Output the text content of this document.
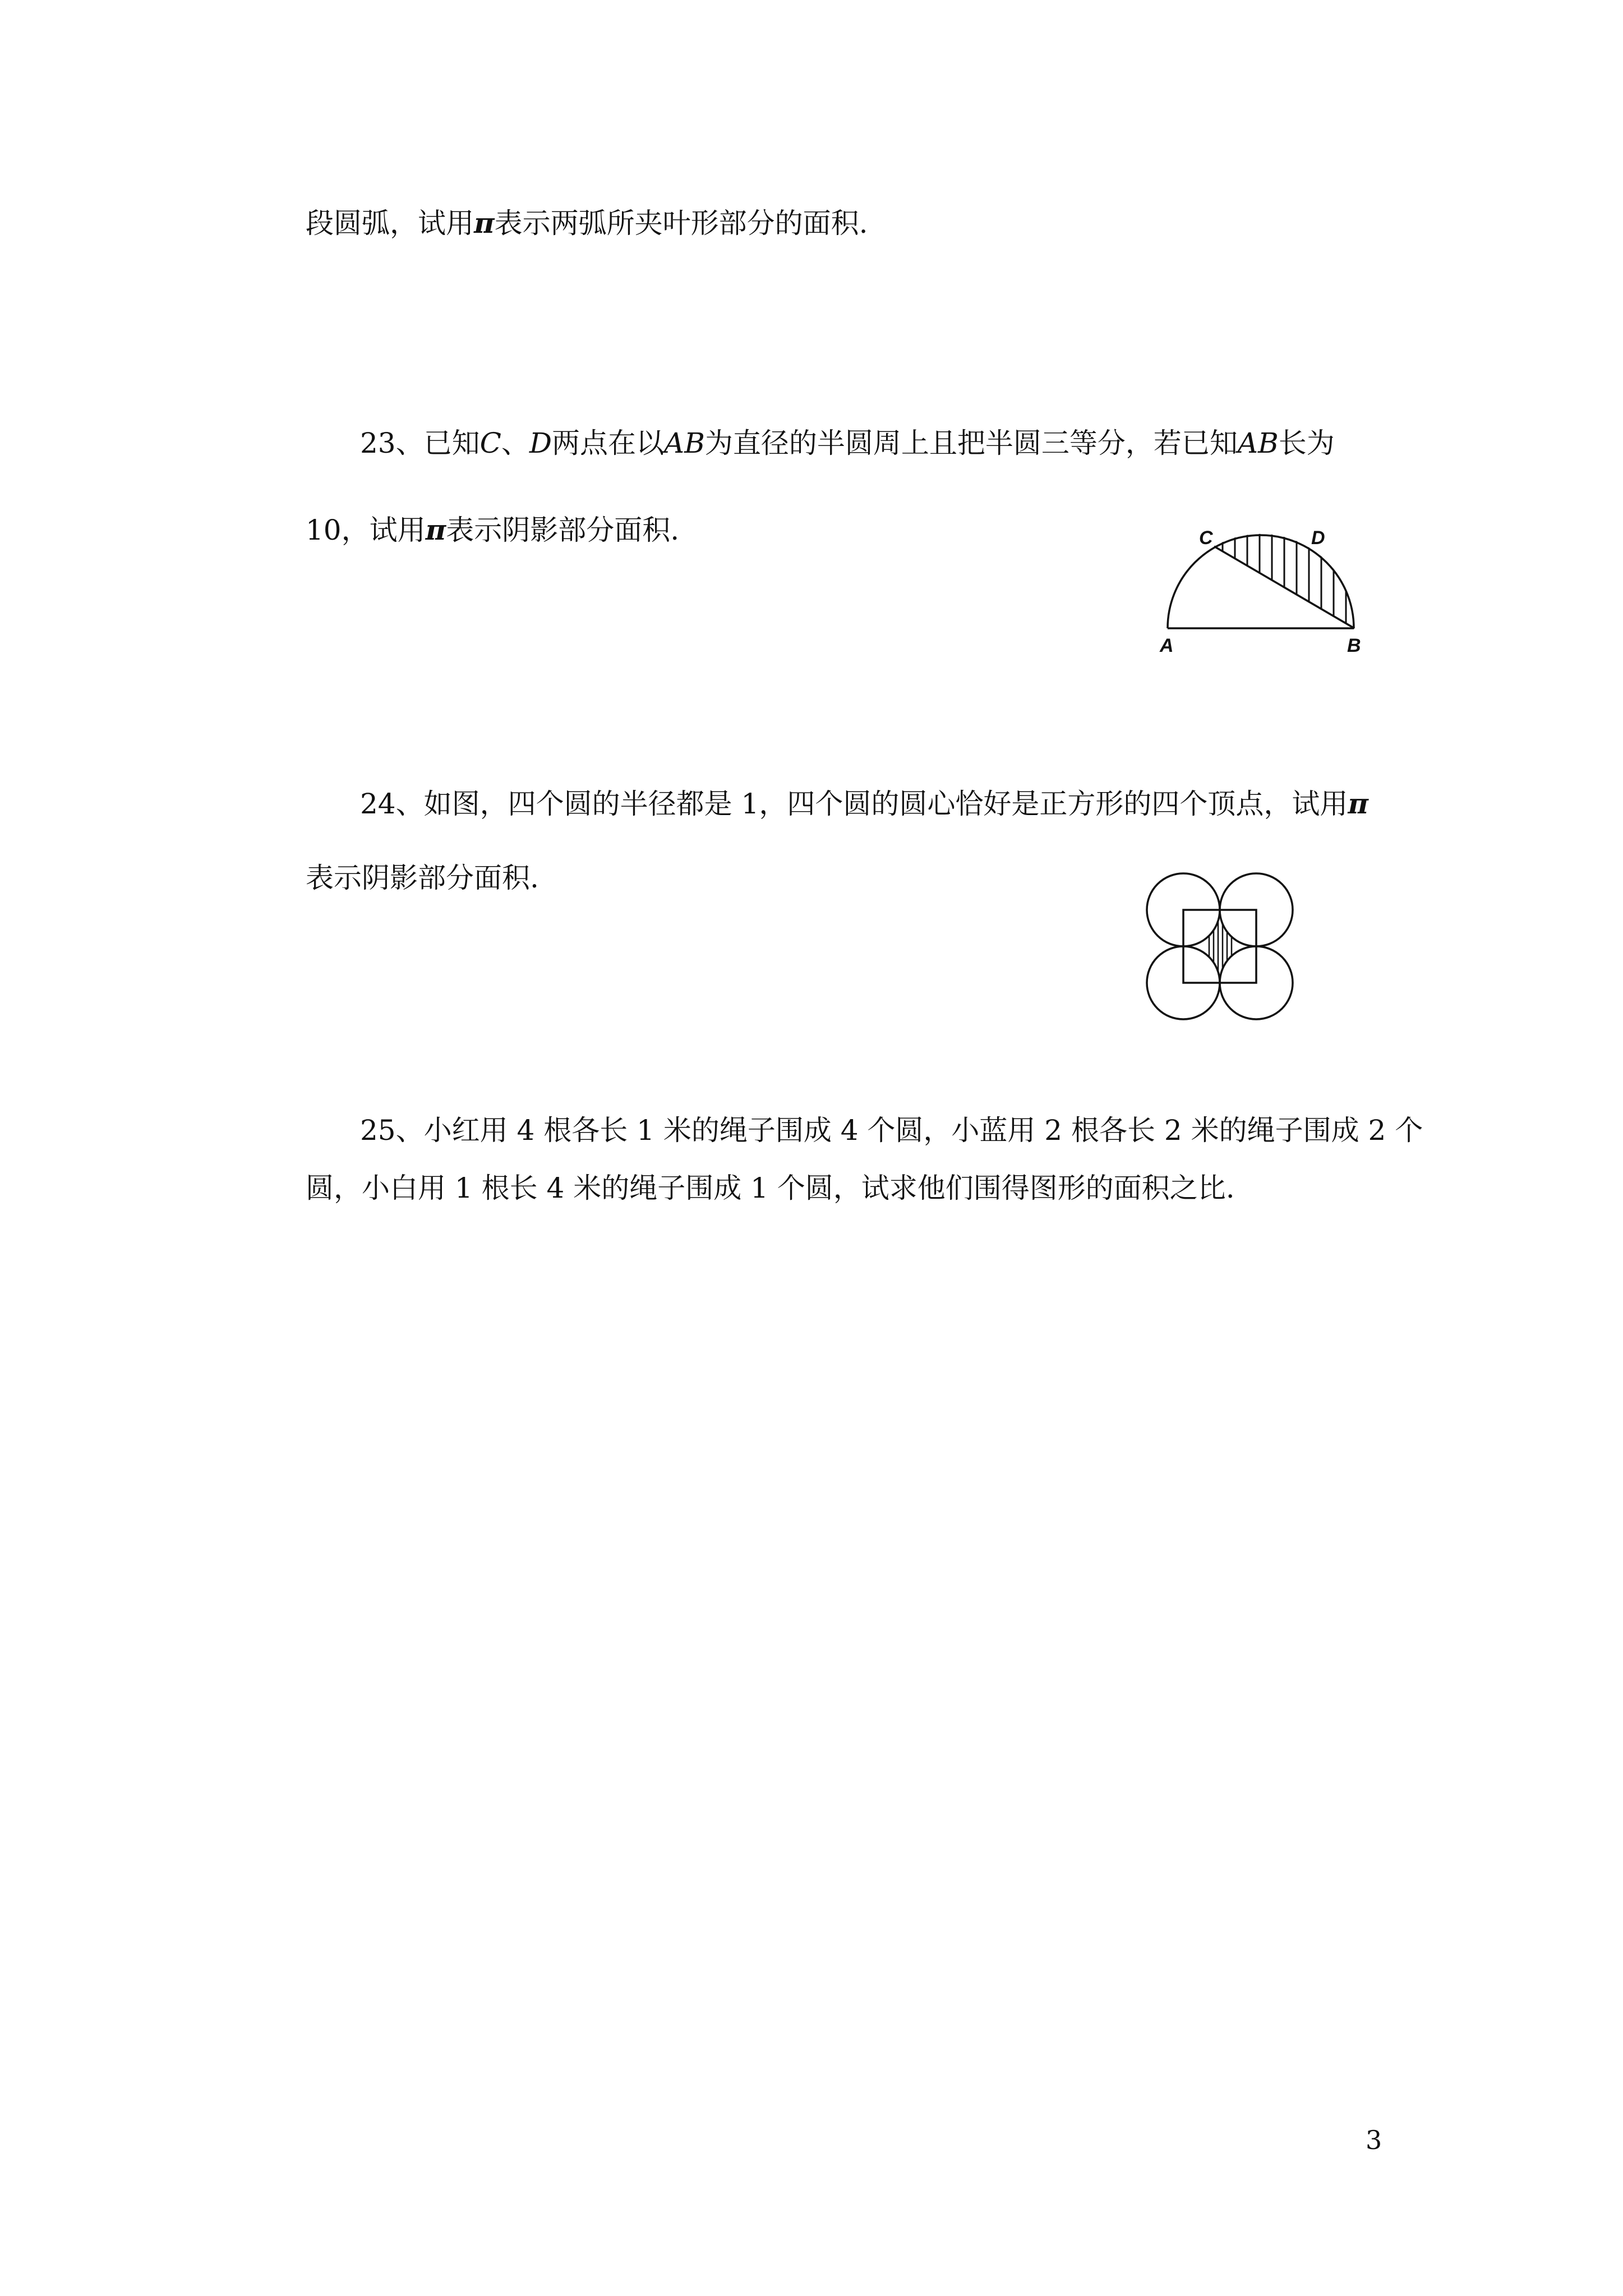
段圆弧，试用π表示两弧所夹叶形部分的面积.
23、已知C、D两点在以AB为直径的半圆周上且把半圆三等分，若已知AB长为
10，试用π表示阴影部分面积.
A	B
C	D
24、如图，四个圆的半径都是 1，四个圆的圆心恰好是正方形的四个顶点，试用π
表示阴影部分面积.
25、小红用 4 根各长 1 米的绳子围成 4 个圆，小蓝用 2 根各长 2 米的绳子围成 2 个
圆，小白用 1 根长 4 米的绳子围成 1 个圆，试求他们围得图形的面积之比.
3
